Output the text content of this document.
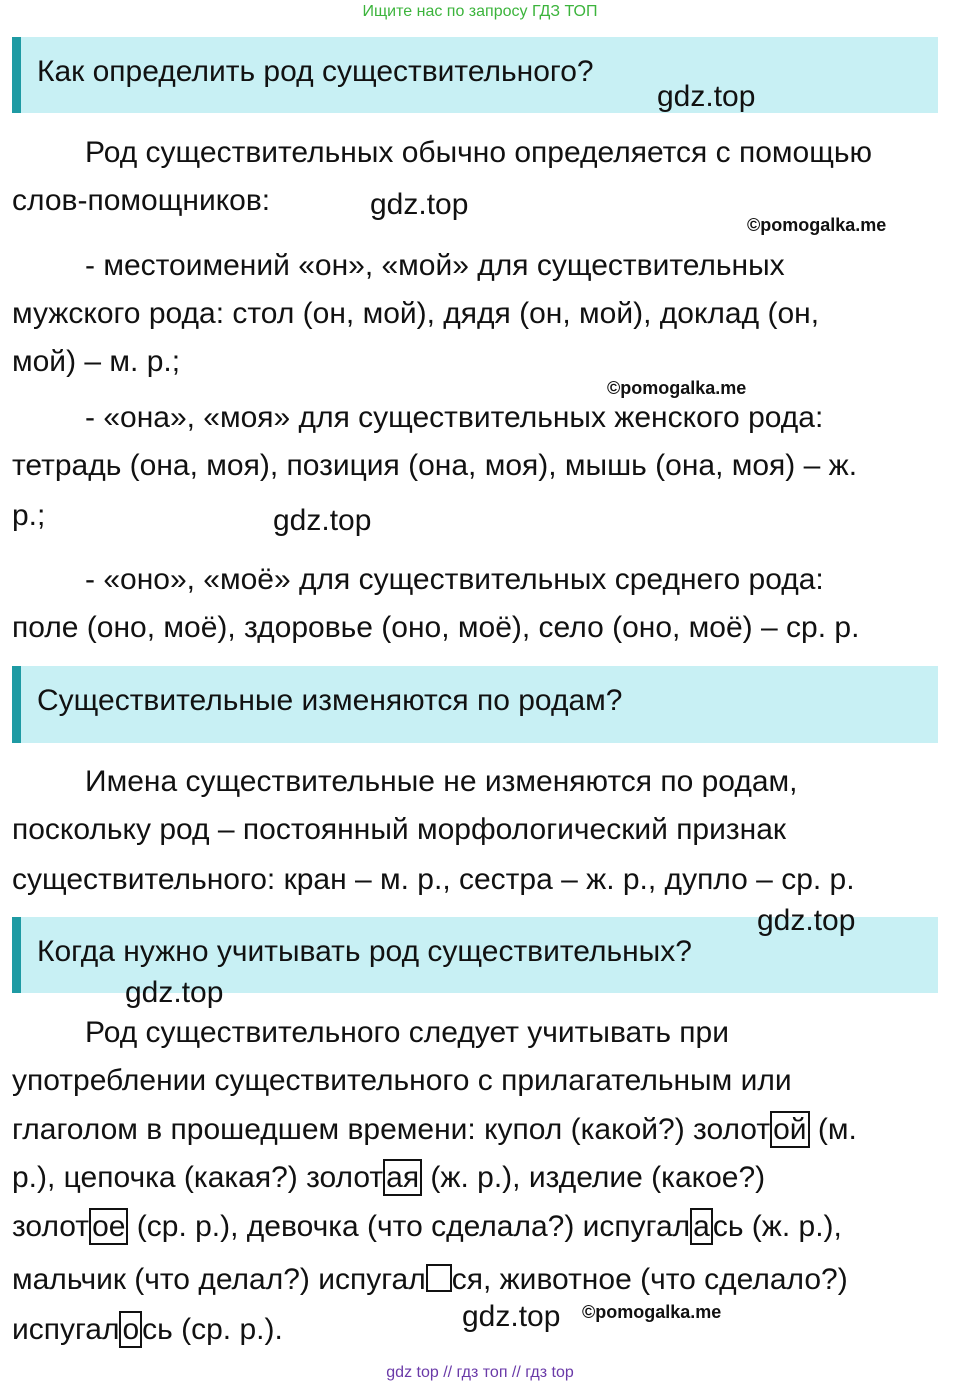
Ищите нас по запросу ГДЗ ТОП
Как определить род существительного?
gdz.top
Род существительных обычно определяется с помощью
слов-помощников:	gdz.top
©pomogalka.me
- местоимений «он», «мой» для существительных
мужского рода: стол (он, мой), дядя (он, мой), доклад (он,
мой) – м. р.;
©pomogalka.me
- «она», «моя» для существительных женского рода:
тетрадь (она, моя), позиция (она, моя), мышь (она, моя) – ж.
р.;	gdz.top
- «оно», «моё» для существительных среднего рода:
поле (оно, моё), здоровье (оно, моё), село (оно, моё) – ср. р.
Существительные изменяются по родам?
Имена существительные не изменяются по родам,
поскольку род – постоянный морфологический признак
существительного: кран – м. р., сестра – ж. р., дупло – ср. р.
Когда нужно учитывать род существительных?
gdz.top
gdz.top
Род существительного следует учитывать при
употреблении существительного с прилагательным или
глаголом в прошедшем времени: купол (какой?) золот ой (м.
р.), цепочка (какая?) золот ая (ж. р.), изделие (какое?)
золот ое (ср. р.), девочка (что сделала?) испугал а сь (ж. р.),
мальчик (что делал?) испугал ся, животное (что сделало?)
испугал о сь (ср. р.).	gdz.top ©pomogalka.me
gdz top // гдз топ // гдз top
